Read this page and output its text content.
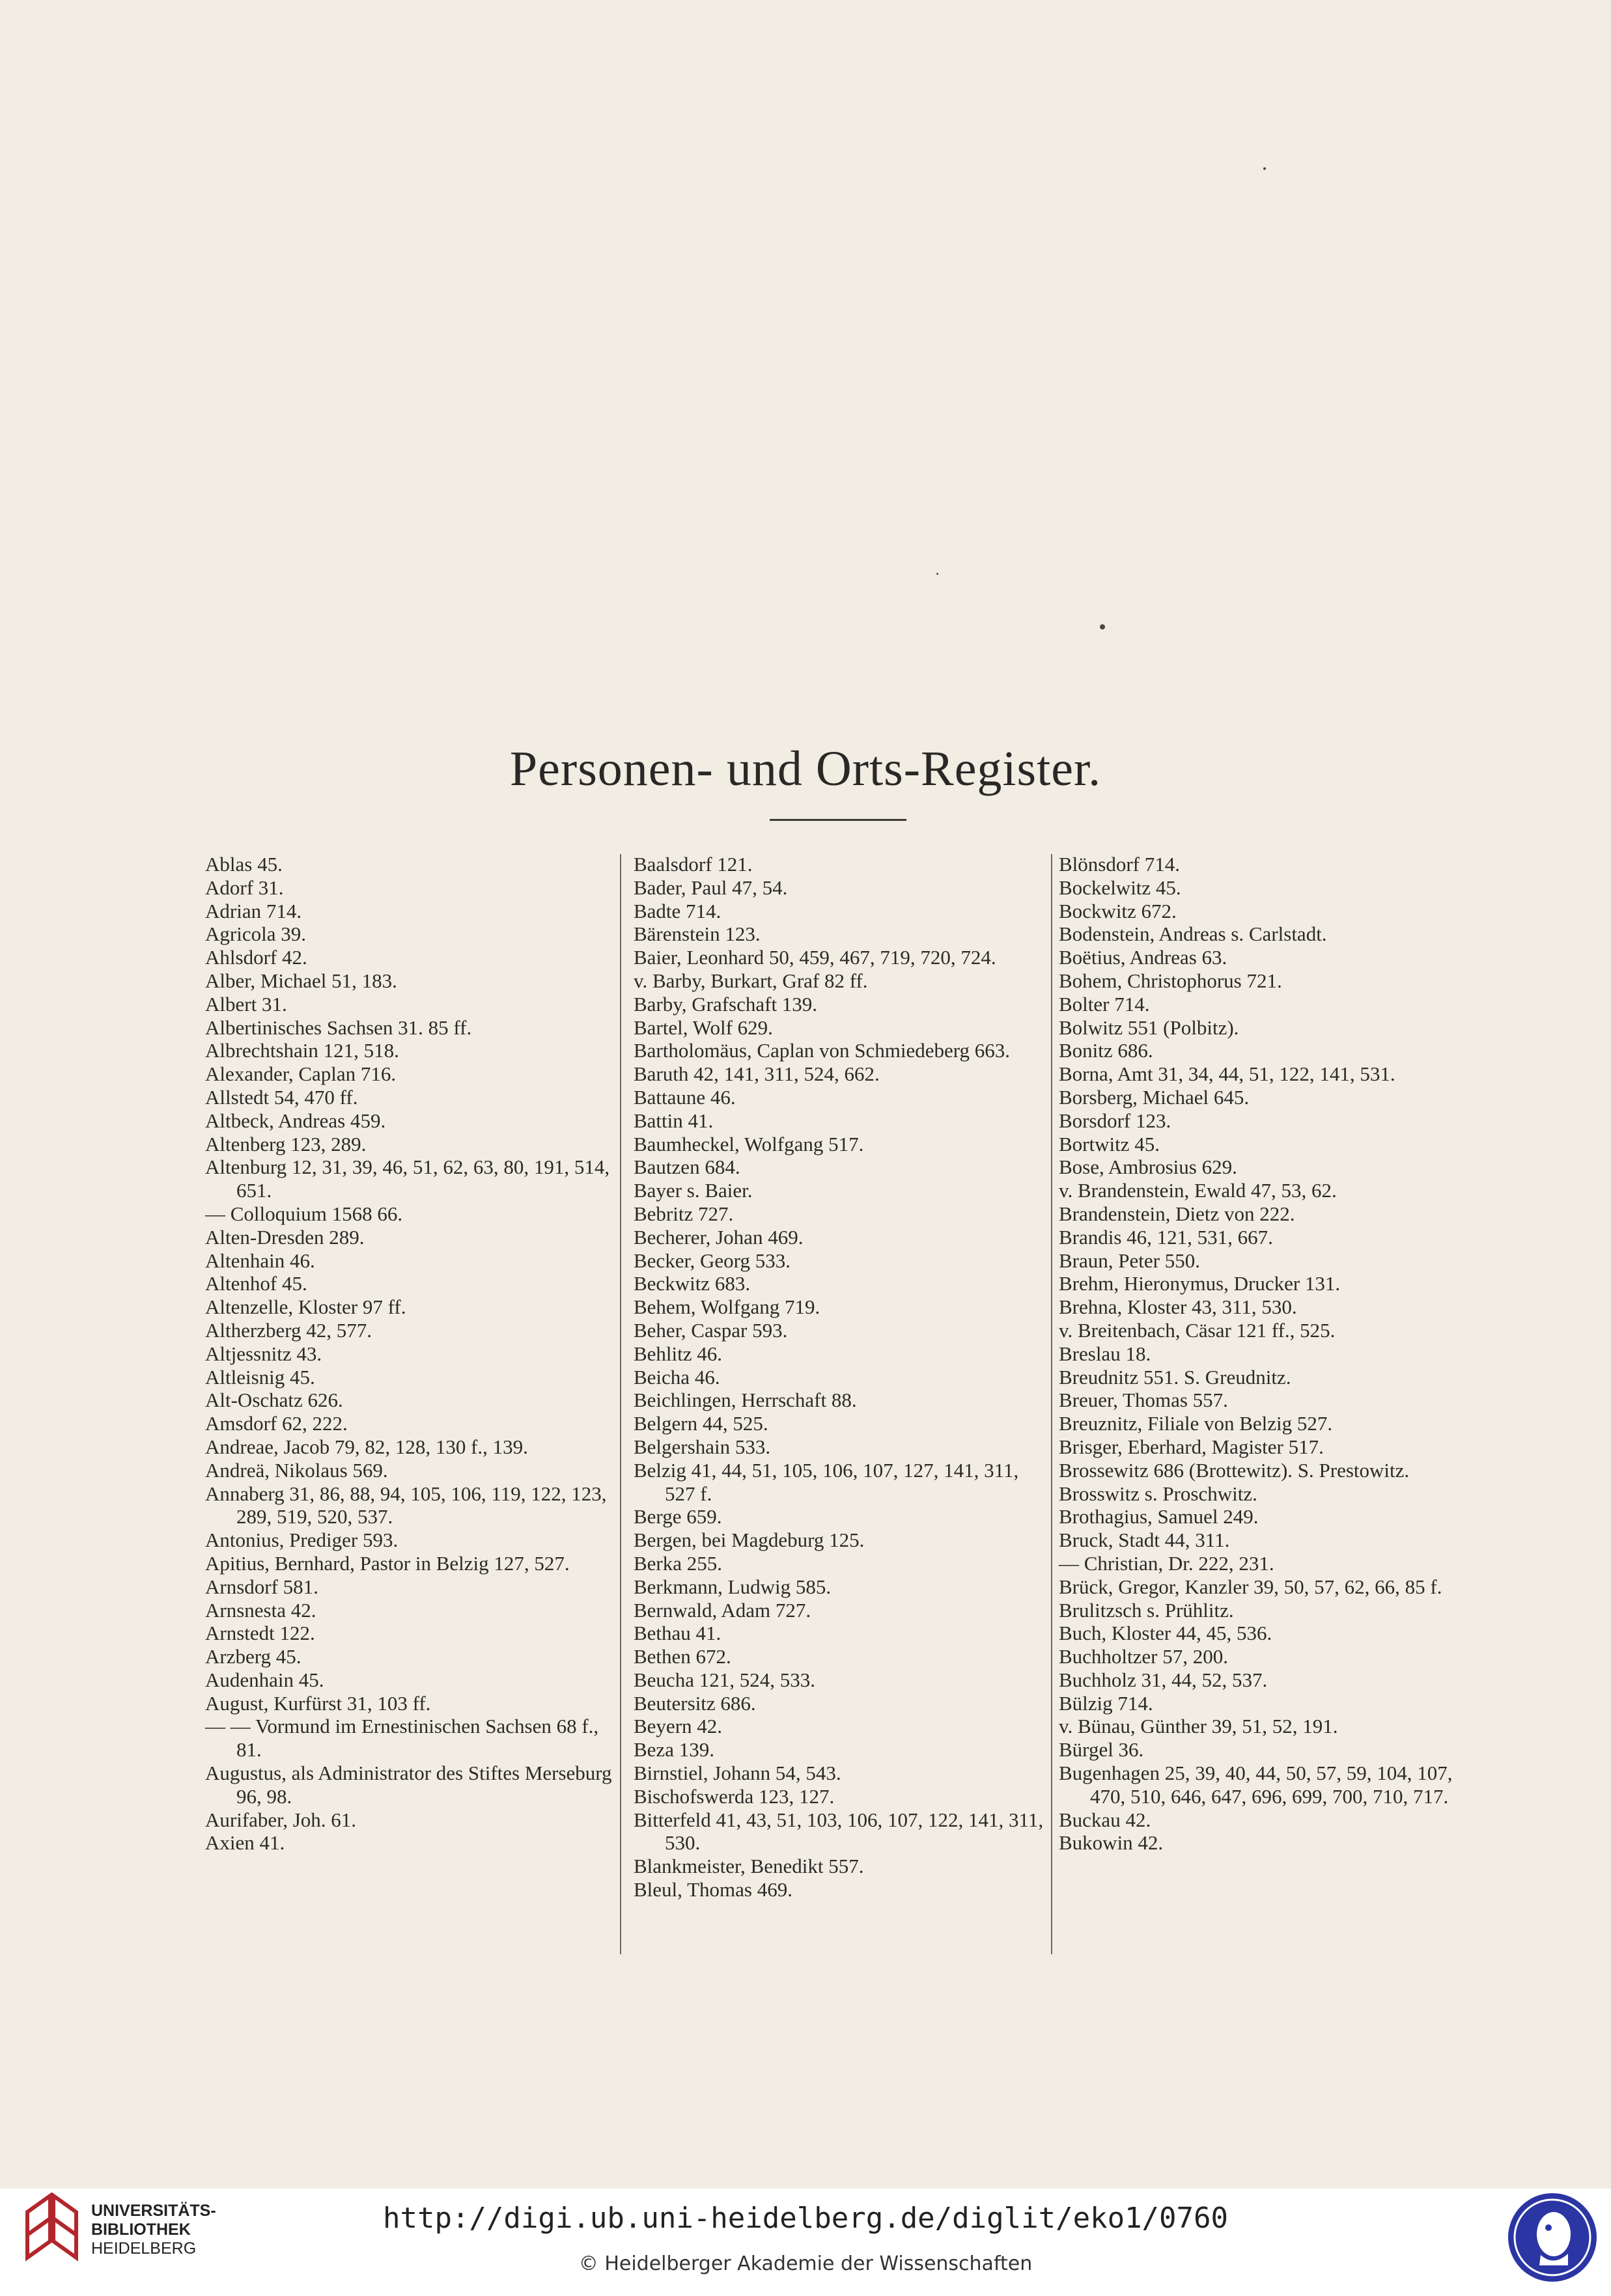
Personen- und Orts-Register.
Ablas 45.
Adorf 31.
Adrian 714.
Agricola 39.
Ahlsdorf 42.
Alber, Michael 51, 183.
Albert 31.
Albertinisches Sachsen 31. 85 ff.
Albrechtshain 121, 518.
Alexander, Caplan 716.
Allstedt 54, 470 ff.
Altbeck, Andreas 459.
Altenberg 123, 289.
Altenburg 12, 31, 39, 46, 51, 62, 63, 80, 191, 514, 651.
— Colloquium 1568 66.
Alten-Dresden 289.
Altenhain 46.
Altenhof 45.
Altenzelle, Kloster 97 ff.
Altherzberg 42, 577.
Altjessnitz 43.
Altleisnig 45.
Alt-Oschatz 626.
Amsdorf 62, 222.
Andreae, Jacob 79, 82, 128, 130 f., 139.
Andreä, Nikolaus 569.
Annaberg 31, 86, 88, 94, 105, 106, 119, 122, 123, 289, 519, 520, 537.
Antonius, Prediger 593.
Apitius, Bernhard, Pastor in Belzig 127, 527.
Arnsdorf 581.
Arnsnesta 42.
Arnstedt 122.
Arzberg 45.
Audenhain 45.
August, Kurfürst 31, 103 ff.
— — Vormund im Ernestinischen Sachsen 68 f., 81.
Augustus, als Administrator des Stiftes Merseburg 96, 98.
Aurifaber, Joh. 61.
Axien 41.
Baalsdorf 121.
Bader, Paul 47, 54.
Badte 714.
Bärenstein 123.
Baier, Leonhard 50, 459, 467, 719, 720, 724.
v. Barby, Burkart, Graf 82 ff.
Barby, Grafschaft 139.
Bartel, Wolf 629.
Bartholomäus, Caplan von Schmiedeberg 663.
Baruth 42, 141, 311, 524, 662.
Battaune 46.
Battin 41.
Baumheckel, Wolfgang 517.
Bautzen 684.
Bayer s. Baier.
Bebritz 727.
Becherer, Johan 469.
Becker, Georg 533.
Beckwitz 683.
Behem, Wolfgang 719.
Beher, Caspar 593.
Behlitz 46.
Beicha 46.
Beichlingen, Herrschaft 88.
Belgern 44, 525.
Belgershain 533.
Belzig 41, 44, 51, 105, 106, 107, 127, 141, 311, 527 f.
Berge 659.
Bergen, bei Magdeburg 125.
Berka 255.
Berkmann, Ludwig 585.
Bernwald, Adam 727.
Bethau 41.
Bethen 672.
Beucha 121, 524, 533.
Beutersitz 686.
Beyern 42.
Beza 139.
Birnstiel, Johann 54, 543.
Bischofswerda 123, 127.
Bitterfeld 41, 43, 51, 103, 106, 107, 122, 141, 311, 530.
Blankmeister, Benedikt 557.
Bleul, Thomas 469.
Blönsdorf 714.
Bockelwitz 45.
Bockwitz 672.
Bodenstein, Andreas s. Carlstadt.
Boëtius, Andreas 63.
Bohem, Christophorus 721.
Bolter 714.
Bolwitz 551 (Polbitz).
Bonitz 686.
Borna, Amt 31, 34, 44, 51, 122, 141, 531.
Borsberg, Michael 645.
Borsdorf 123.
Bortwitz 45.
Bose, Ambrosius 629.
v. Brandenstein, Ewald 47, 53, 62.
Brandenstein, Dietz von 222.
Brandis 46, 121, 531, 667.
Braun, Peter 550.
Brehm, Hieronymus, Drucker 131.
Brehna, Kloster 43, 311, 530.
v. Breitenbach, Cäsar 121 ff., 525.
Breslau 18.
Breudnitz 551. S. Greudnitz.
Breuer, Thomas 557.
Breuznitz, Filiale von Belzig 527.
Brisger, Eberhard, Magister 517.
Brossewitz 686 (Brottewitz). S. Prestowitz.
Brosswitz s. Proschwitz.
Brothagius, Samuel 249.
Bruck, Stadt 44, 311.
— Christian, Dr. 222, 231.
Brück, Gregor, Kanzler 39, 50, 57, 62, 66, 85 f.
Brulitzsch s. Prühlitz.
Buch, Kloster 44, 45, 536.
Buchholtzer 57, 200.
Buchholz 31, 44, 52, 537.
Bülzig 714.
v. Bünau, Günther 39, 51, 52, 191.
Bürgel 36.
Bugenhagen 25, 39, 40, 44, 50, 57, 59, 104, 107, 470, 510, 646, 647, 696, 699, 700, 710, 717.
Buckau 42.
Bukowin 42.
UNIVERSITÄTS-
BIBLIOTHEK
HEIDELBERG
http://digi.ub.uni-heidelberg.de/diglit/eko1/0760
© Heidelberger Akademie der Wissenschaften
